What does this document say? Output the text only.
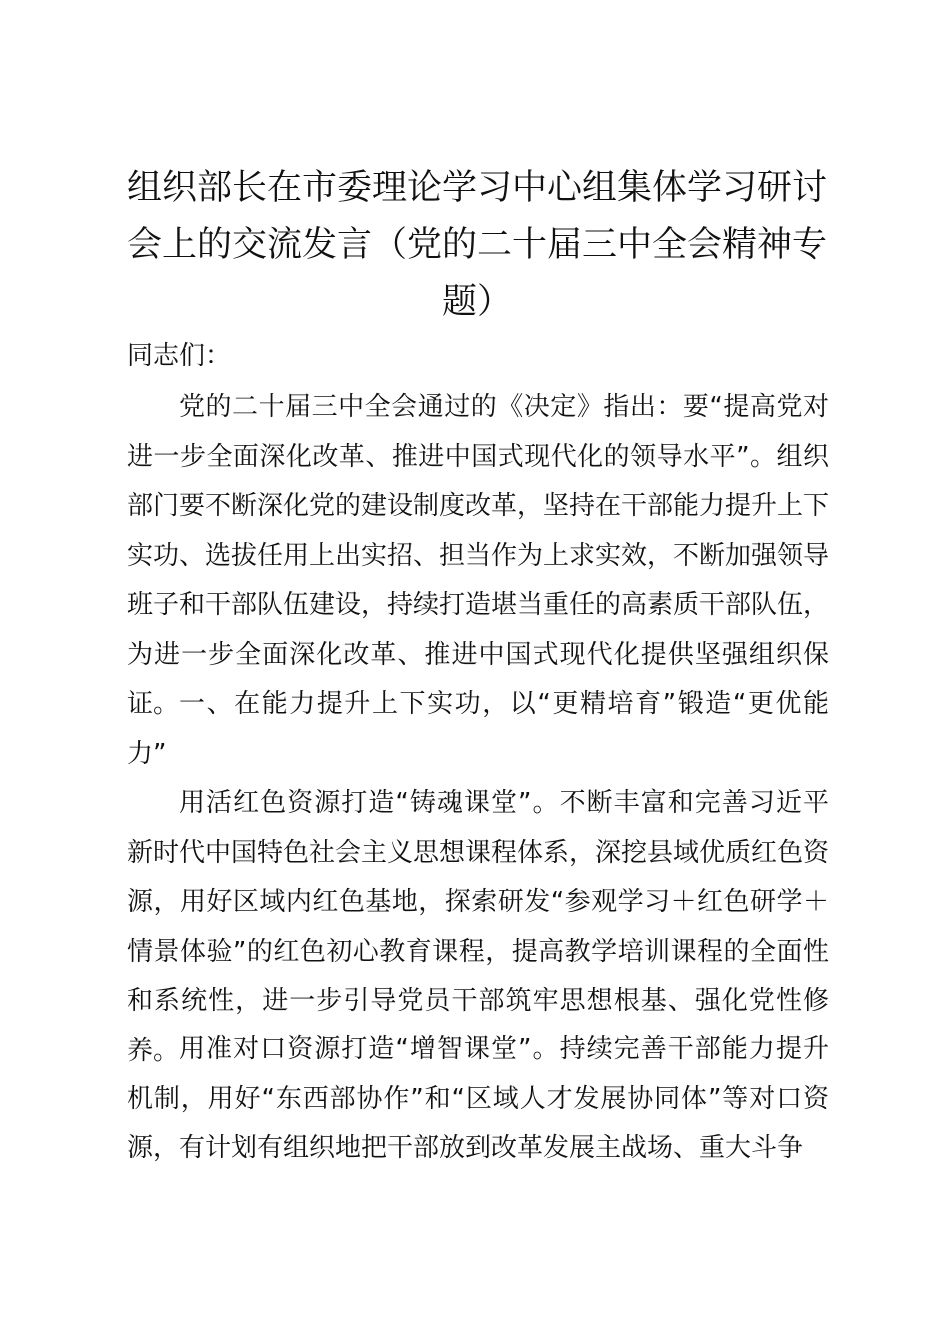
组织部长在市委理论学习中心组集体学习研讨会上的交流发言（党的二十届三中全会精神专题）

同志们：

党的二十届三中全会通过的《决定》指出：要“提高党对进一步全面深化改革、推进中国式现代化的领导水平”。组织部门要不断深化党的建设制度改革，坚持在干部能力提升上下实功、选拔任用上出实招、担当作为上求实效，不断加强领导班子和干部队伍建设，持续打造堪当重任的高素质干部队伍，为进一步全面深化改革、推进中国式现代化提供坚强组织保证。 一、在能力提升上下实功，以“更精培育”锻造“更优能力”

用活红色资源打造“铸魂课堂”。不断丰富和完善习近平新时代中国特色社会主义思想课程体系，深挖县域优质红色资源，用好区域内红色基地，探索研发“参观学习＋红色研学＋情景体验”的红色初心教育课程，提高教学培训课程的全面性和系统性，进一步引导党员干部筑牢思想根基、强化党性修养。 用准对口资源打造“增智课堂”。持续完善干部能力提升机制，用好“东西部协作”和“区域人才发展协同体”等对口资源，有计划有组织地把干部放到改革发展主战场、重大斗争
